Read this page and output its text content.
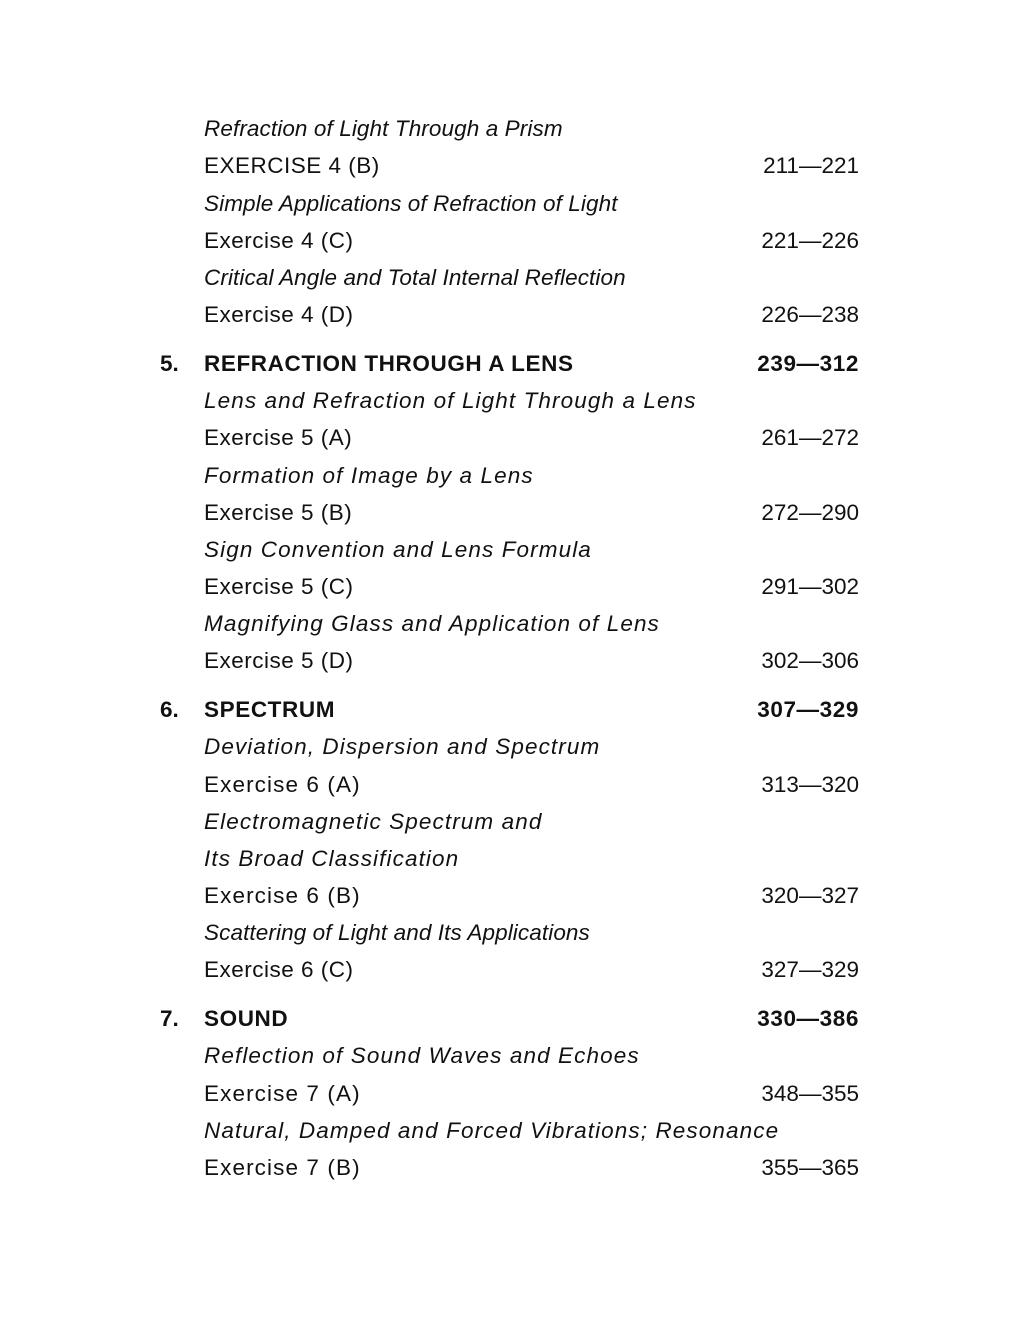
Refraction of Light Through a Prism
EXERCISE 4 (B)	211—221
Simple Applications of Refraction of Light
Exercise 4 (C)	221—226
Critical Angle and Total Internal Reflection
Exercise 4 (D)	226—238
5. REFRACTION THROUGH A LENS	239—312
Lens and Refraction of Light Through a Lens
Exercise 5 (A)	261—272
Formation of Image by a Lens
Exercise 5 (B)	272—290
Sign Convention and Lens Formula
Exercise 5 (C)	291—302
Magnifying Glass and Application of Lens
Exercise 5 (D)	302—306
6. SPECTRUM	307—329
Deviation, Dispersion and Spectrum
Exercise 6 (A)	313—320
Electromagnetic Spectrum and
Its Broad Classification
Exercise 6 (B)	320—327
Scattering of Light and Its Applications
Exercise 6 (C)	327—329
7. SOUND	330—386
Reflection of Sound Waves and Echoes
Exercise 7 (A)	348—355
Natural, Damped and Forced Vibrations; Resonance
Exercise 7 (B)	355—365
